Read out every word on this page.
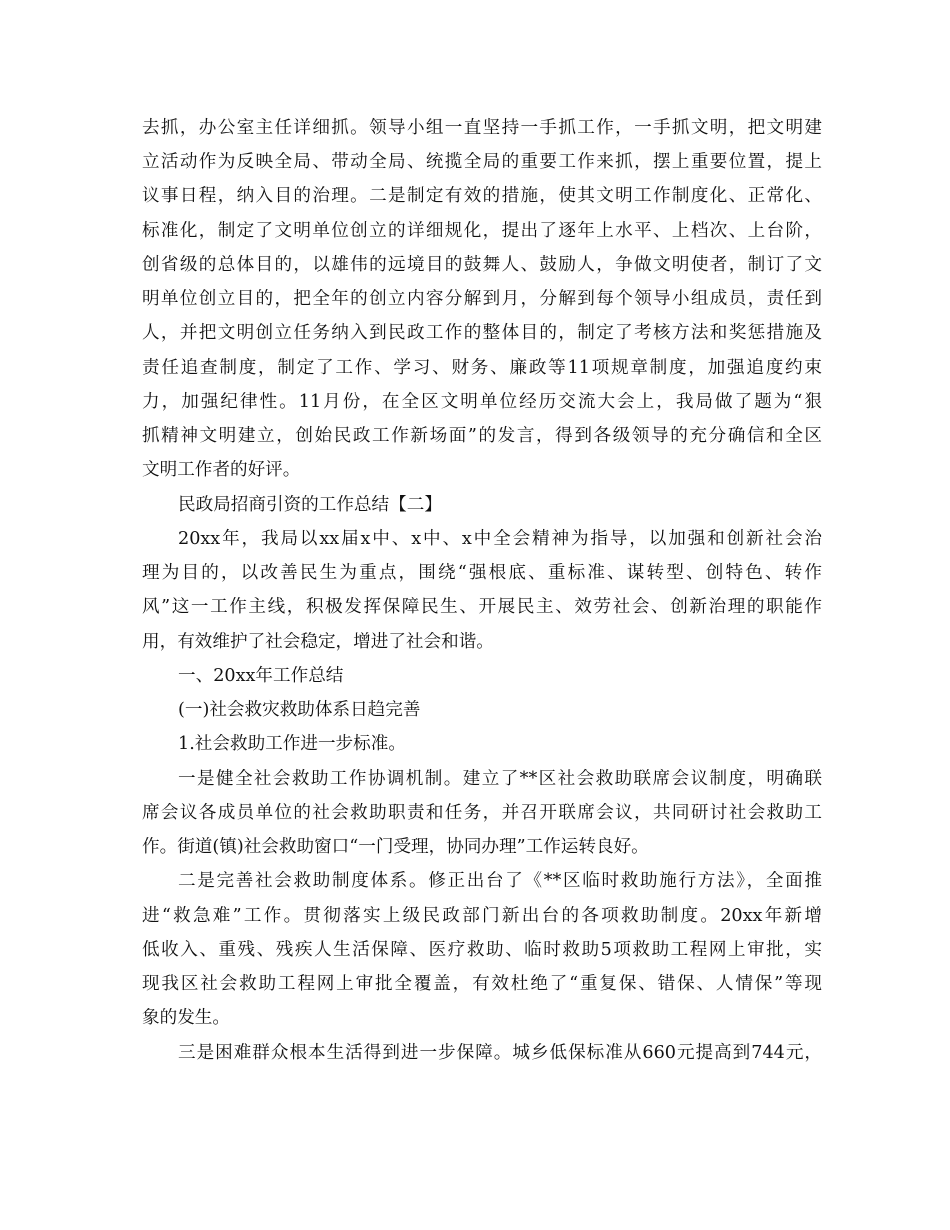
去抓，办公室主任详细抓。领导小组一直坚持一手抓工作，一手抓文明，把文明建
立活动作为反映全局、带动全局、统揽全局的重要工作来抓，摆上重要位置，提上
议事日程，纳入目的治理。二是制定有效的措施，使其文明工作制度化、正常化、
标准化，制定了文明单位创立的详细规化，提出了逐年上水平、上档次、上台阶，
创省级的总体目的，以雄伟的远境目的鼓舞人、鼓励人，争做文明使者，制订了文
明单位创立目的，把全年的创立内容分解到月，分解到每个领导小组成员，责任到
人，并把文明创立任务纳入到民政工作的整体目的，制定了考核方法和奖惩措施及
责任追查制度，制定了工作、学习、财务、廉政等11项规章制度，加强追度约束
力，加强纪律性。11月份，在全区文明单位经历交流大会上，我局做了题为“狠
抓精神文明建立，创始民政工作新场面”的发言，得到各级领导的充分确信和全区
文明工作者的好评。
民政局招商引资的工作总结【二】
20xx年，我局以xx届x中、x中、x中全会精神为指导，以加强和创新社会治
理为目的，以改善民生为重点，围绕“强根底、重标准、谋转型、创特色、转作
风”这一工作主线，积极发挥保障民生、开展民主、效劳社会、创新治理的职能作
用，有效维护了社会稳定，增进了社会和谐。
一、20xx年工作总结
(一)社会救灾救助体系日趋完善
1.社会救助工作进一步标准。
一是健全社会救助工作协调机制。建立了**区社会救助联席会议制度，明确联
席会议各成员单位的社会救助职责和任务，并召开联席会议，共同研讨社会救助工
作。街道(镇)社会救助窗口“一门受理，协同办理”工作运转良好。
二是完善社会救助制度体系。修正出台了《**区临时救助施行方法》，全面推
进“救急难”工作。贯彻落实上级民政部门新出台的各项救助制度。20xx年新增
低收入、重残、残疾人生活保障、医疗救助、临时救助5项救助工程网上审批，实
现我区社会救助工程网上审批全覆盖，有效杜绝了“重复保、错保、人情保”等现
象的发生。
三是困难群众根本生活得到进一步保障。城乡低保标准从660元提高到744元，
